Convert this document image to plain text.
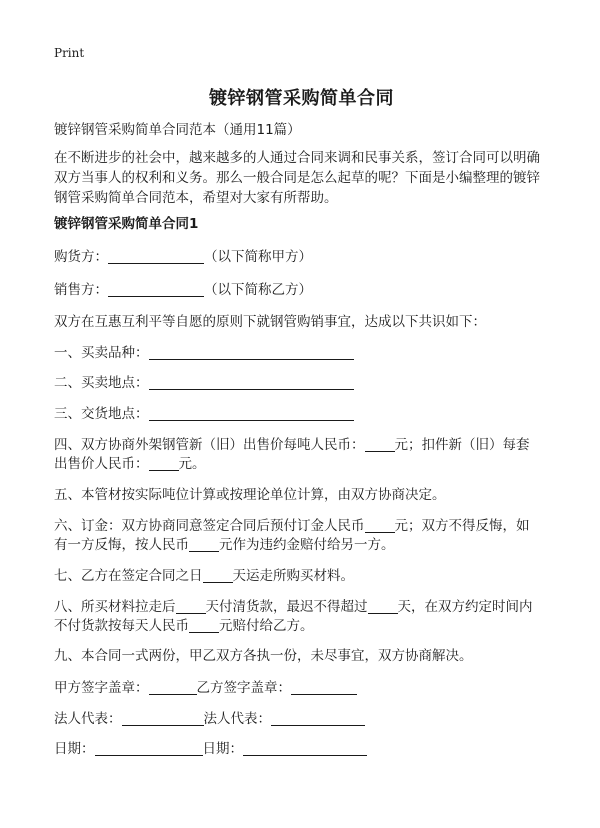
Print
镀锌钢管采购简单合同
镀锌钢管采购简单合同范本（通用11篇）
在不断进步的社会中，越来越多的人通过合同来调和民事关系，签订合同可以明确双方当事人的权利和义务。那么一般合同是怎么起草的呢？下面是小编整理的镀锌钢管采购简单合同范本，希望对大家有所帮助。
镀锌钢管采购简单合同1
购货方：	（以下简称甲方）
销售方：	（以下简称乙方）
双方在互惠互利平等自愿的原则下就钢管购销事宜，达成以下共识如下：
一、买卖品种：
二、买卖地点：
三、交货地点：
四、双方协商外架钢管新（旧）出售价每吨人民币： 元；扣件新（旧）每套
出售价人民币： 元。
五、本管材按实际吨位计算或按理论单位计算，由双方协商决定。
六、订金：双方协商同意签定合同后预付订金人民币 元；双方不得反悔，如
有一方反悔，按人民币 元作为违约金赔付给另一方。
七、乙方在签定合同之日 天运走所购买材料。
八、所买材料拉走后 天付清货款，最迟不得超过 天，在双方约定时间内
不付货款按每天人民币 元赔付给乙方。
九、本合同一式两份，甲乙双方各执一份，未尽事宜，双方协商解决。
甲方签字盖章：	乙方签字盖章：
法人代表：	法人代表：
日期：	日期：
